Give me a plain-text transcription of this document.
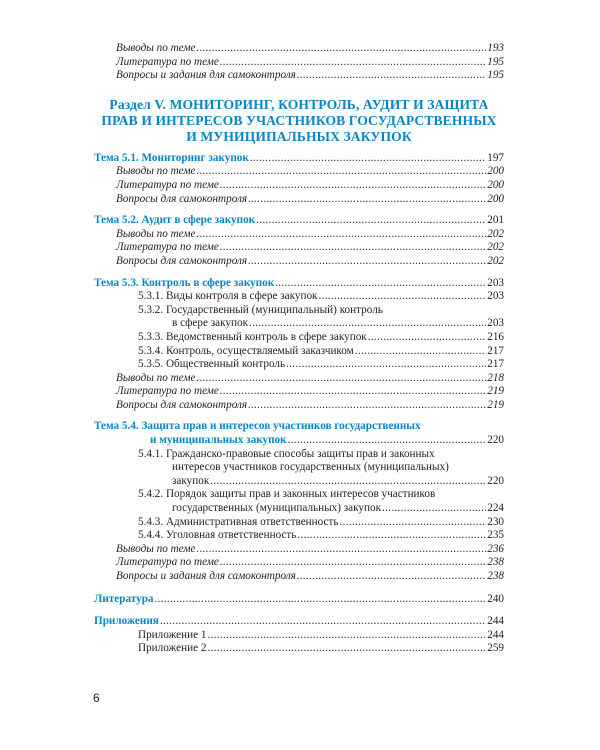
Выводы по теме .....	193
Литература по теме .....	195
Вопросы и задания для самоконтроля .....	195
Раздел V. МОНИТОРИНГ, КОНТРОЛЬ, АУДИТ И ЗАЩИТА
ПРАВ И ИНТЕРЕСОВ УЧАСТНИКОВ ГОСУДАРСТВЕННЫХ
И МУНИЦИПАЛЬНЫХ ЗАКУПОК
Тема 5.1. Мониторинг закупок .....	197
Выводы по теме .....	200
Литература по теме .....	200
Вопросы для самоконтроля .....	200
Тема 5.2. Аудит в сфере закупок .....	201
Выводы по теме .....	202
Литература по теме .....	202
Вопросы для самоконтроля .....	202
Тема 5.3. Контроль в сфере закупок .....	203
5.3.1. Виды контроля в сфере закупок .....	203
5.3.2. Государственный (муниципальный) контроль
в сфере закупок .....	203
5.3.3. Ведомственный контроль в сфере закупок .....	216
5.3.4. Контроль, осуществляемый заказчиком .....	217
5.3.5. Общественный контроль .....	217
Выводы по теме .....	218
Литература по теме .....	219
Вопросы для самоконтроля .....	219
Тема 5.4. Защита прав и интересов участников государственных
и муниципальных закупок .....	220
5.4.1. Гражданско-правовые способы защиты прав и законных
интересов участников государственных (муниципальных)
закупок .....	220
5.4.2. Порядок защиты прав и законных интересов участников
государственных (муниципальных) закупок .....	224
5.4.3. Административная ответственность .....	230
5.4.4. Уголовная ответственность .....	235
Выводы по теме .....	236
Литература по теме .....	238
Вопросы и задания для самоконтроля .....	238
Литература .....	240
Приложения .....	244
Приложение 1 .....	244
Приложение 2 .....	259
6
